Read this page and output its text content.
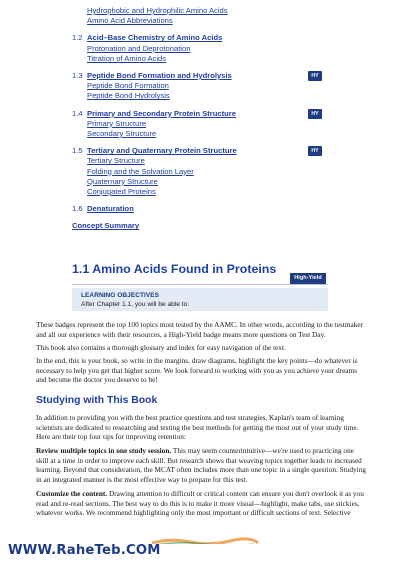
Hydrophobic and Hydrophilic Amino Acids
Amino Acid Abbreviations
1.2 Acid–Base Chemistry of Amino Acids
Protonation and Deprotonation
Titration of Amino Acids
1.3 Peptide Bond Formation and Hydrolysis	HY
Peptide Bond Formation
Peptide Bond Hydrolysis
1.4 Primary and Secondary Protein Structure	HY
Primary Structure
Secondary Structure
1.5 Tertiary and Quaternary Protein Structure	HY
Tertiary Structure
Folding and the Solvation Layer
Quaternary Structure
Conjugated Proteins
1.6 Denaturation
Concept Summary
1.1 Amino Acids Found in Proteins
High-Yield
LEARNING OBJECTIVES
After Chapter 1.1, you will be able to:

These badges represent the top 100 topics most tested by the AAMC. In other words, according to the testmaker and all our experience with their resources, a High-Yield badge means more questions on Test Day.

This book also contains a thorough glossary and index for easy navigation of the text.

In the end, this is your book, so write in the margins, draw diagrams, highlight the key points—do whatever is necessary to help you get that higher score. We look forward to working with you as you achieve your dreams and become the doctor you deserve to be!

Studying with This Book

In addition to providing you with the best practice questions and test strategies, Kaplan's team of learning scientists are dedicated to researching and testing the best methods for getting the most out of your study time. Here are their top four tips for improving retention:

Review multiple topics in one study session. This may seem counterintuitive—we're used to practicing one skill at a time in order to improve each skill. But research shows that weaving topics together leads to increased learning. Beyond that consideration, the MCAT often includes more than one topic in a single question. Studying in an integrated manner is the most effective way to prepare for this test.

Customize the content. Drawing attention to difficult or critical content can ensure you don't overlook it as you read and re-read sections. The best way to do this is to make it more visual—highlight, make tabs, use stickies, whatever works. We recommend highlighting only the most important or difficult sections of text. Selective

WWW.RaheTeb.COM
